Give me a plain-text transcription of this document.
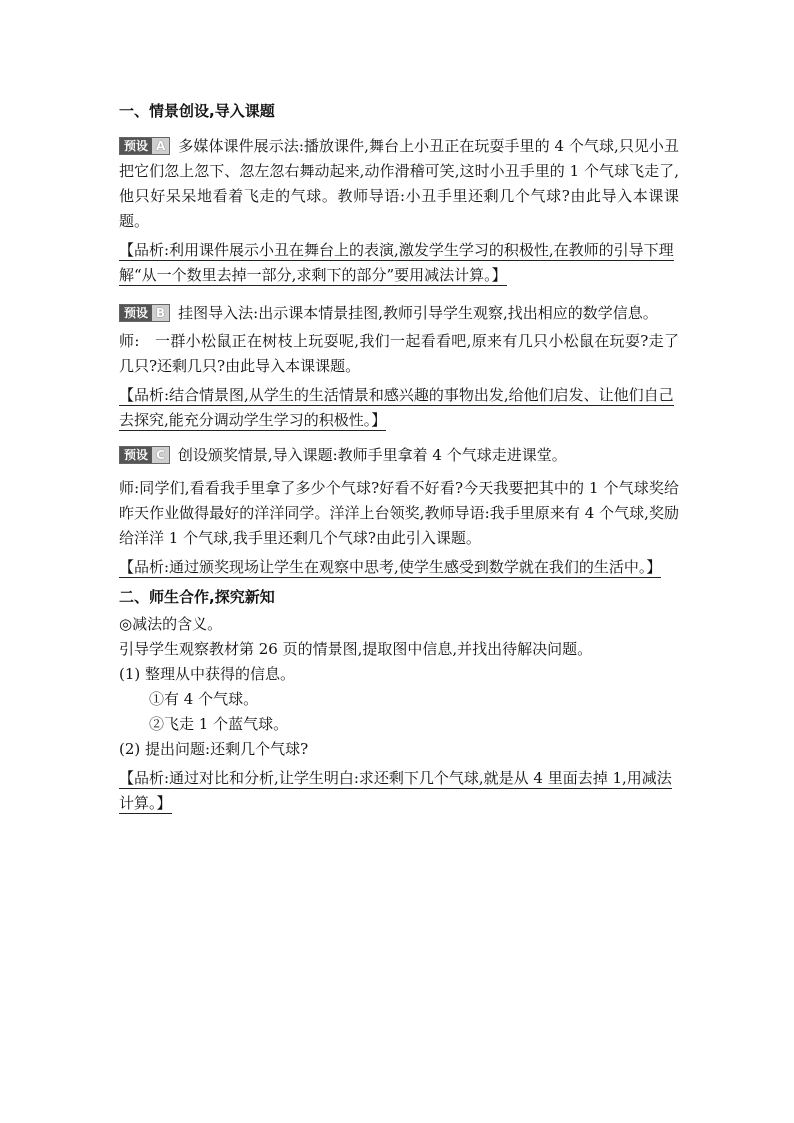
一、情景创设,导入课题

预设 A 多媒体课件展示法:播放课件,舞台上小丑正在玩耍手里的 4 个气球,只见小丑把它们忽上忽下、忽左忽右舞动起来,动作滑稽可笑,这时小丑手里的 1 个气球飞走了,他只好呆呆地看着飞走的气球。教师导语:小丑手里还剩几个气球?由此导入本课课题。

【品析:利用课件展示小丑在舞台上的表演,激发学生学习的积极性,在教师的引导下理解“从一个数里去掉一部分,求剩下的部分”要用减法计算。】

预设 B 挂图导入法:出示课本情景挂图,教师引导学生观察,找出相应的数学信息。

师:　一群小松鼠正在树枝上玩耍呢,我们一起看看吧,原来有几只小松鼠在玩耍?走了几只?还剩几只?由此导入本课课题。

【品析:结合情景图,从学生的生活情景和感兴趣的事物出发,给他们启发、让他们自己去探究,能充分调动学生学习的积极性。】

预设 C 创设颁奖情景,导入课题:教师手里拿着 4 个气球走进课堂。

师:同学们,看看我手里拿了多少个气球?好看不好看?今天我要把其中的 1 个气球奖给昨天作业做得最好的洋洋同学。洋洋上台领奖,教师导语:我手里原来有 4 个气球,奖励给洋洋 1 个气球,我手里还剩几个气球?由此引入课题。

【品析:通过颁奖现场让学生在观察中思考,使学生感受到数学就在我们的生活中。】

二、师生合作,探究新知

◎减法的含义。

引导学生观察教材第 26 页的情景图,提取图中信息,并找出待解决问题。

(1) 整理从中获得的信息。

①有 4 个气球。

②飞走 1 个蓝气球。

(2) 提出问题:还剩几个气球?

【品析:通过对比和分析,让学生明白:求还剩下几个气球,就是从 4 里面去掉 1,用减法计算。】
